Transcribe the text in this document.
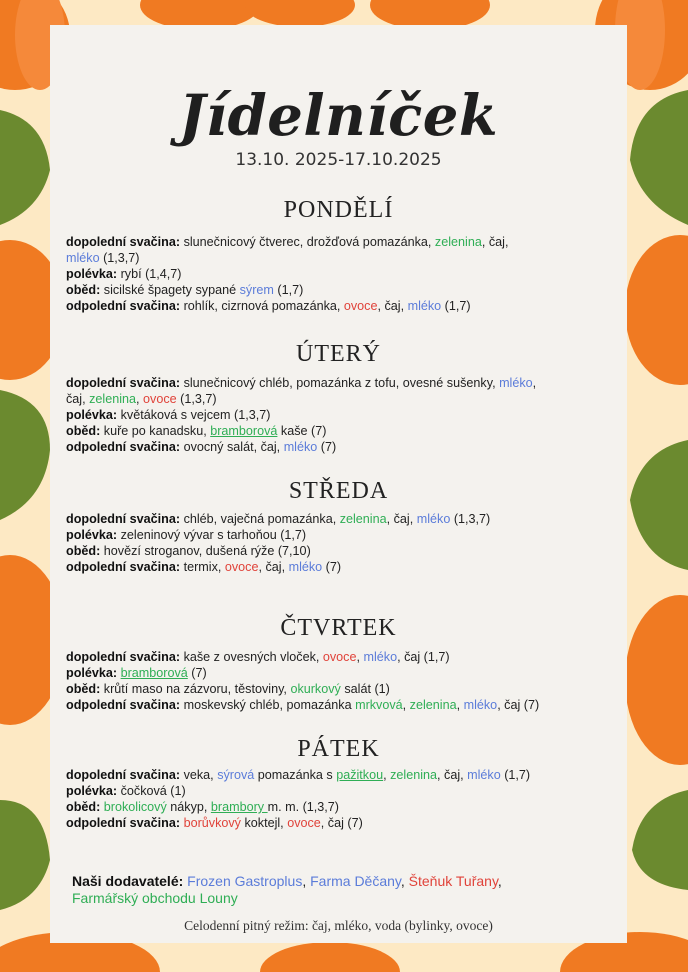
Jídelníček
13.10. 2025-17.10.2025
PONDĚLÍ
dopolední svačina: slunečnicový čtverec, drožďová pomazánka, zelenina, čaj,
mléko (1,3,7)
polévka: rybí (1,4,7)
oběd: sicilské špagety sypané sýrem (1,7)
odpolední svačina: rohlík, cizrnová pomazánka, ovoce, čaj, mléko (1,7)
ÚTERÝ
dopolední svačina: slunečnicový chléb, pomazánka z tofu, ovesné sušenky, mléko,
čaj, zelenina, ovoce (1,3,7)
polévka: květáková s vejcem (1,3,7)
oběd: kuře po kanadsku, bramborová kaše (7)
odpolední svačina: ovocný salát, čaj, mléko (7)
STŘEDA
dopolední svačina: chléb, vaječná pomazánka, zelenina, čaj, mléko (1,3,7)
polévka: zeleninový vývar s tarhoňou (1,7)
oběd: hovězí stroganov, dušená rýže (7,10)
odpolední svačina: termix, ovoce, čaj, mléko (7)
ČTVRTEK
dopolední svačina: kaše z ovesných vloček, ovoce, mléko, čaj (1,7)
polévka: bramborová (7)
oběd: krůtí maso na zázvoru, těstoviny, okurkový salát (1)
odpolední svačina: moskevský chléb, pomazánka mrkvová, zelenina, mléko, čaj (7)
PÁTEK
dopolední svačina: veka, sýrová pomazánka s pažitkou, zelenina, čaj, mléko (1,7)
polévka: čočková (1)
oběd: brokolicový nákyp, brambory m. m. (1,3,7)
odpolední svačina: borůvkový koktejl, ovoce, čaj (7)
Naši dodavatelé: Frozen Gastroplus, Farma Děčany, Šteňuk Tuřany,
Farmářský obchodu Louny
Celodenní pitný režim: čaj, mléko, voda (bylinky, ovoce)
